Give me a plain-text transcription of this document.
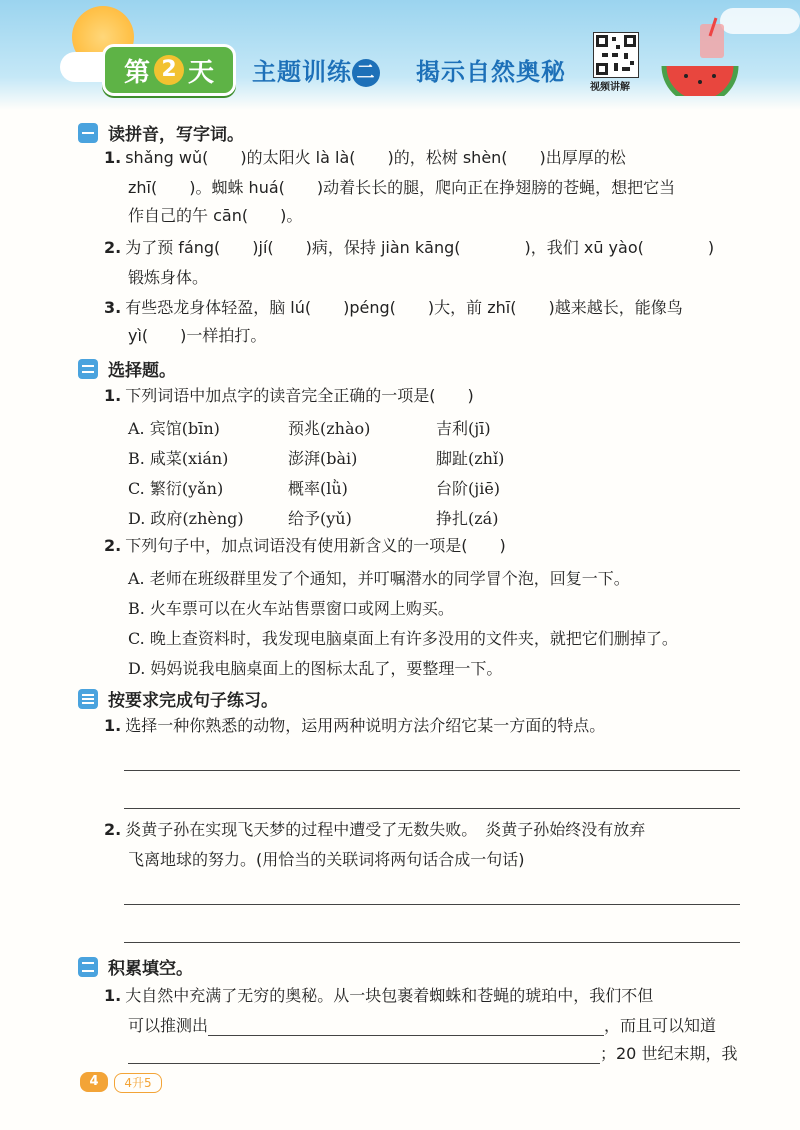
第 2 天 主题训练 二 揭示自然奥秘
视频讲解
读拼音，写字词。
1. shǎng wǔ(　　)的太阳火 là là(　　)的，松树 shèn(　　)出厚厚的松
zhī(　　)。蜘蛛 huá(　　)动着长长的腿，爬向正在挣翅膀的苍蝇，想把它当
作自己的午 cān(　　)。
2. 为了预 fáng(　　)jí(　　)病，保持 jiàn kāng(　　　　)，我们 xū yào(　　　　)
锻炼身体。
3. 有些恐龙身体轻盈，脑 lú(　　)péng(　　)大，前 zhī(　　)越来越长，能像鸟
yì(　　)一样拍打。
选择题。
1. 下列词语中加点字的读音完全正确的一项是(　　)
A. 宾馆(bīn)	预兆(zhào)	吉利(jī)
B. 咸菜(xián)	澎湃(bài)	脚趾(zhǐ)
C. 繁衍(yǎn)	概率(lǜ)	台阶(jiē)
D. 政府(zhèng)	给予(yǔ)	挣扎(zá)
2. 下列句子中，加点词语没有使用新含义的一项是(　　)
A. 老师在班级群里发了个通知，并叮嘱潜水的同学冒个泡，回复一下。
B. 火车票可以在火车站售票窗口或网上购买。
C. 晚上查资料时，我发现电脑桌面上有许多没用的文件夹，就把它们删掉了。
D. 妈妈说我电脑桌面上的图标太乱了，要整理一下。
按要求完成句子练习。
1. 选择一种你熟悉的动物，运用两种说明方法介绍它某一方面的特点。
2. 炎黄子孙在实现飞天梦的过程中遭受了无数失败。　炎黄子孙始终没有放弃
飞离地球的努力。(用恰当的关联词将两句话合成一句话)
积累填空。
1. 大自然中充满了无穷的奥秘。从一块包裹着蜘蛛和苍蝇的琥珀中，我们不但
可以推测出	，而且可以知道
；20 世纪末期，我
4	4升5
